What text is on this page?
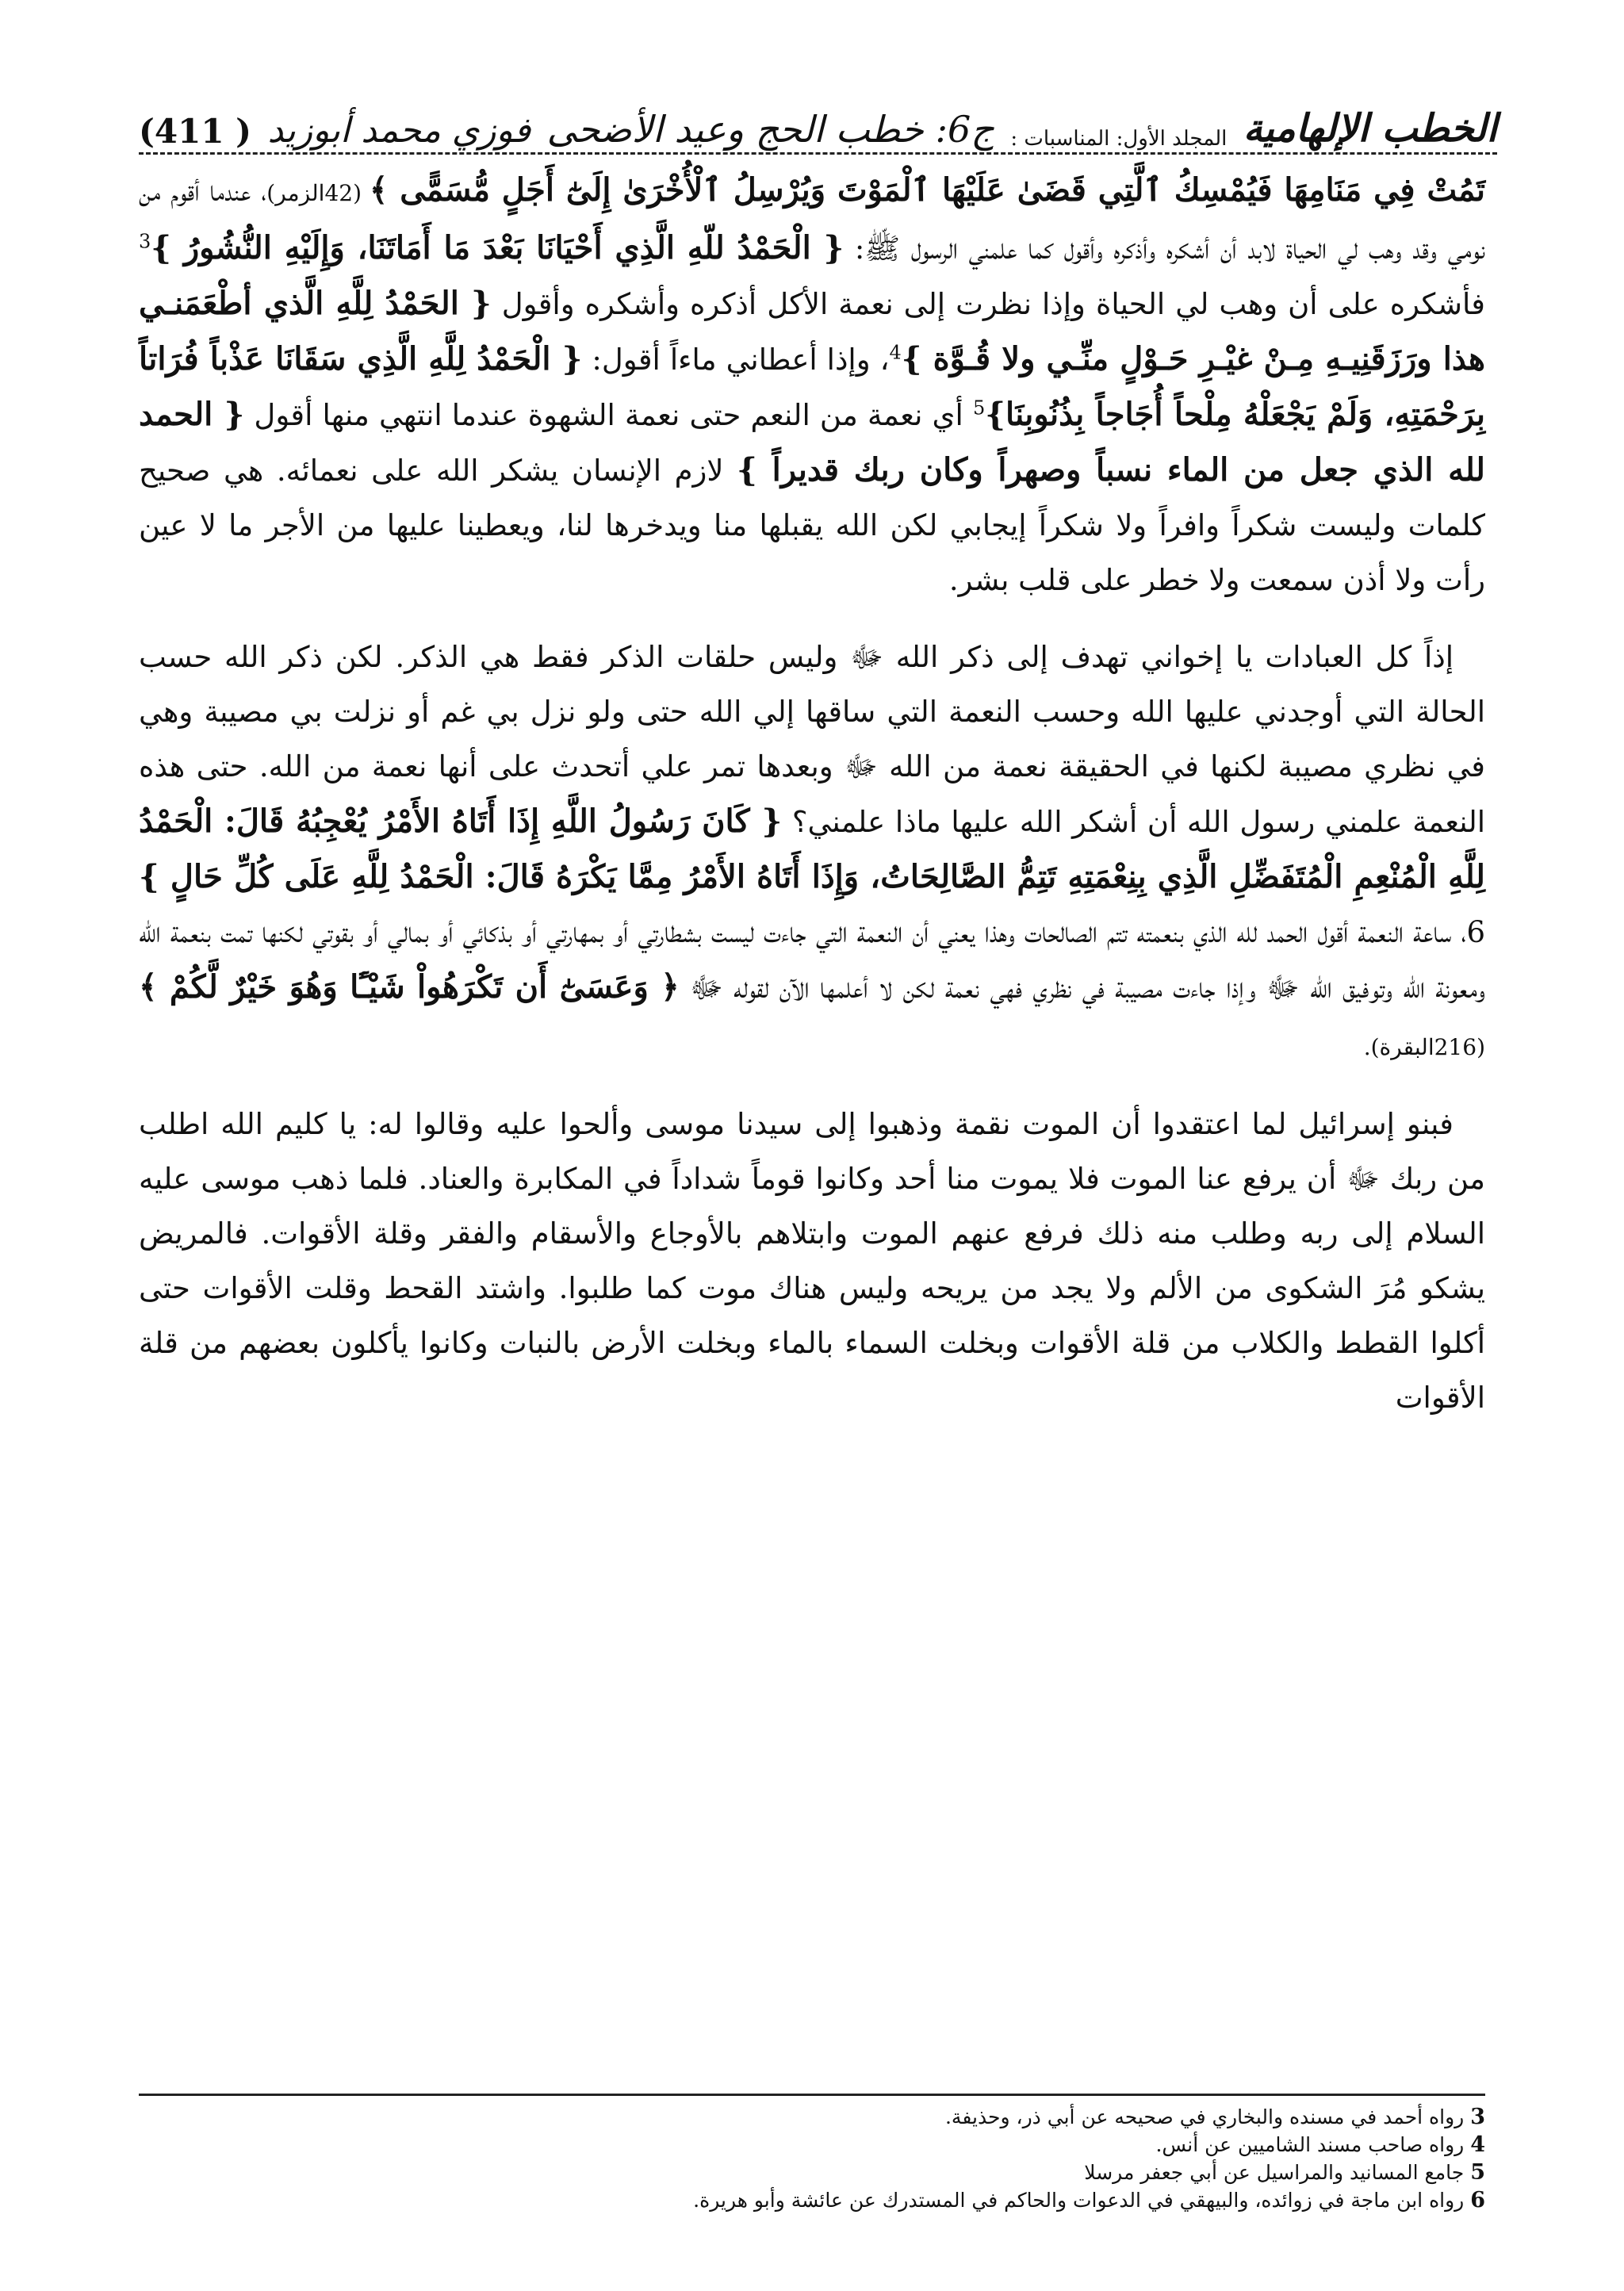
الخطب الإلهامية
المجلد الأول: المناسبات :
ج6: خطب الحج وعيد الأضحى
فوزي محمد أبوزيد
(411 )

تَمُتْ فِي مَنَامِهَا فَيُمْسِكُ ٱلَّتِي قَضَىٰ عَلَيْهَا ٱلْمَوْتَ وَيُرْسِلُ ٱلْأُخْرَىٰ إِلَىٰٓ أَجَلٍ مُّسَمًّى ﴾ (42الزمر)، عندما أقوم من نومي وقد وهب لي الحياة لابد أن أشكره وأذكره وأقول كما علمني الرسول ﷺ: { الْحَمْدُ للّهِ الَّذِي أَحْيَانَا بَعْدَ مَا أَمَاتَنَا، وَإِلَيْهِ النُّشُورُ }$^3$ فأشكره على أن وهب لي الحياة وإذا نظرت إلى نعمة الأكل أذكره وأشكره وأقول { الحَمْدُ لِلَّهِ الَّذي أطْعَمَنـي هذا ورَزَقَنِيـهِ مِـنْ غيْـرِ حَـوْلٍ منِّـي ولا قُـوَّة }$^4$، وإذا أعطاني ماءاً أقول: { الْحَمْدُ لِلَّهِ الَّذِي سَقَانَا عَذْباً فُرَاتاً بِرَحْمَتِهِ، وَلَمْ يَجْعَلْهُ مِلْحاً أُجَاجاً بِذُنُوبِنَا}$^5$ أي نعمة من النعم حتى نعمة الشهوة عندما انتهي منها أقول { الحمد لله الذي جعل من الماء نسباً وصهراً وكان ربك قديراً } لازم الإنسان يشكر الله على نعمائه. هي صحيح كلمات وليست شكراً وافراً ولا شكراً إيجابي لكن الله يقبلها منا ويدخرها لنا، ويعطينا عليها من الأجر ما لا عين رأت ولا أذن سمعت ولا خطر على قلب بشر.

إذاً كل العبادات يا إخواني تهدف إلى ذكر الله ﷻ وليس حلقات الذكر فقط هي الذكر. لكن ذكر الله حسب الحالة التي أوجدني عليها الله وحسب النعمة التي ساقها إلي الله حتى ولو نزل بي غم أو نزلت بي مصيبة وهي في نظري مصيبة لكنها في الحقيقة نعمة من الله ﷻ وبعدها تمر علي أتحدث على أنها نعمة من الله. حتى هذه النعمة علمني رسول الله أن أشكر الله عليها ماذا علمني؟ { كَانَ رَسُولُ اللَّهِ إِذَا أَتَاهُ الأَمْرُ يُعْجِبُهُ قَالَ: الْحَمْدُ لِلَّهِ الْمُنْعِمِ الْمُتَفَضِّلِ الَّذِي بِنِعْمَتِهِ تَتِمُّ الصَّالِحَاتُ، وَإِذَا أَتَاهُ الأَمْرُ مِمَّا يَكْرَهُ قَالَ: الْحَمْدُ لِلَّهِ عَلَى كُلِّ حَالٍ } 6، ساعة النعمة أقول الحمد لله الذي بنعمته تتم الصالحات وهذا يعني أن النعمة التي جاءت ليست بشطارتي أو بمهارتي أو بذكائي أو بمالي أو بقوتي لكنها تمت بنعمة الله ومعونة الله وتوفيق الله ﷻ وإذا جاءت مصيبة في نظري فهي نعمة لكن لا أعلمها الآن لقوله ﷻ ﴿ وَعَسَىٰٓ أَن تَكْرَهُواْ شَيْـًٔا وَهُوَ خَيْرٌ لَّكُمْ ﴾ (216البقرة).

فبنو إسرائيل لما اعتقدوا أن الموت نقمة وذهبوا إلى سيدنا موسى وألحوا عليه وقالوا له: يا كليم الله اطلب من ربك ﷻ أن يرفع عنا الموت فلا يموت منا أحد وكانوا قوماً شداداً في المكابرة والعناد. فلما ذهب موسى عليه السلام إلى ربه وطلب منه ذلك فرفع عنهم الموت وابتلاهم بالأوجاع والأسقام والفقر وقلة الأقوات. فالمريض يشكو مُرَ الشكوى من الألم ولا يجد من يريحه وليس هناك موت كما طلبوا. واشتد القحط وقلت الأقوات حتى أكلوا القطط والكلاب من قلة الأقوات وبخلت السماء بالماء وبخلت الأرض بالنبات وكانوا يأكلون بعضهم من قلة الأقوات

3 رواه أحمد في مسنده والبخاري في صحيحه عن أبي ذر، وحذيفة.
4 رواه صاحب مسند الشاميين عن أنس.
5 جامع المسانيد والمراسيل عن أبي جعفر مرسلا
6 رواه ابن ماجة في زوائده، والبيهقي في الدعوات والحاكم في المستدرك عن عائشة وأبو هريرة.
